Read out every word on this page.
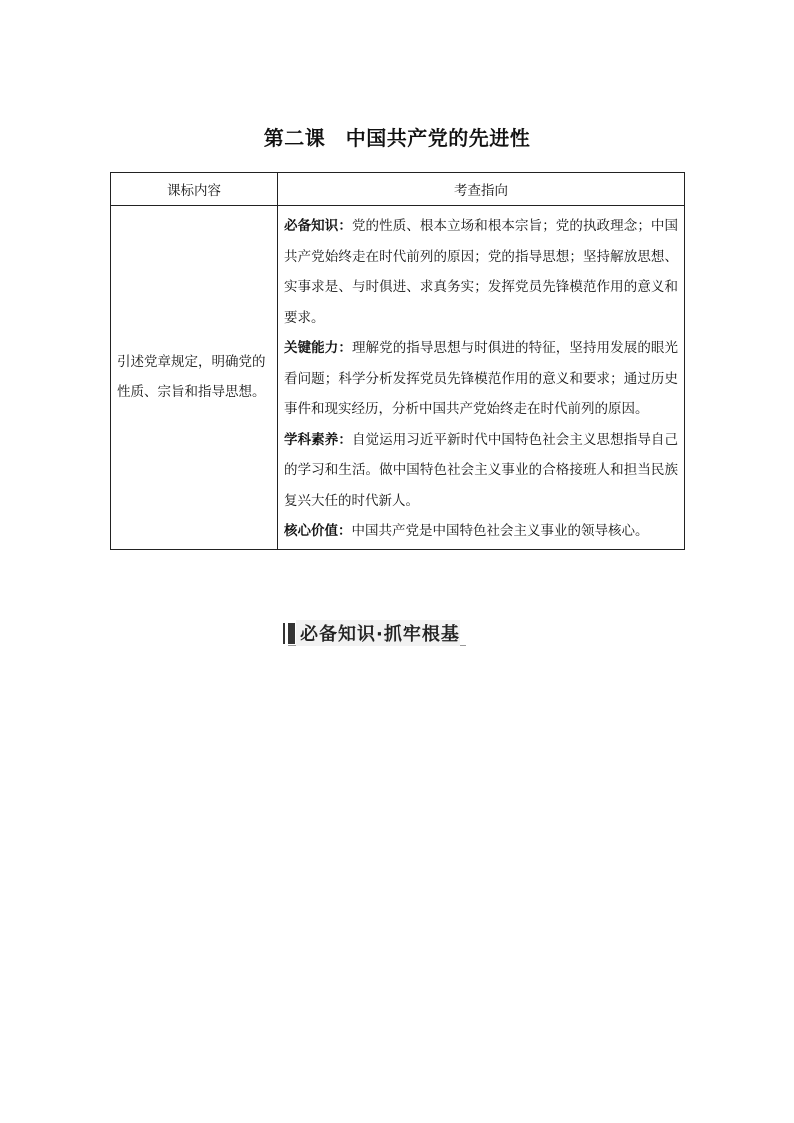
第二课　中国共产党的先进性
课标内容	考查指向
引述党章规定，明确党的性质、宗旨和指导思想。	必备知识：党的性质、根本立场和根本宗旨；党的执政理念；中国共产党始终走在时代前列的原因；党的指导思想；坚持解放思想、实事求是、与时俱进、求真务实；发挥党员先锋模范作用的意义和要求。
关键能力：理解党的指导思想与时俱进的特征，坚持用发展的眼光看问题；科学分析发挥党员先锋模范作用的意义和要求；通过历史事件和现实经历，分析中国共产党始终走在时代前列的原因。
学科素养：自觉运用习近平新时代中国特色社会主义思想指导自己的学习和生活。做中国特色社会主义事业的合格接班人和担当民族复兴大任的时代新人。
核心价值：中国共产党是中国特色社会主义事业的领导核心。
必备知识·抓牢根基
